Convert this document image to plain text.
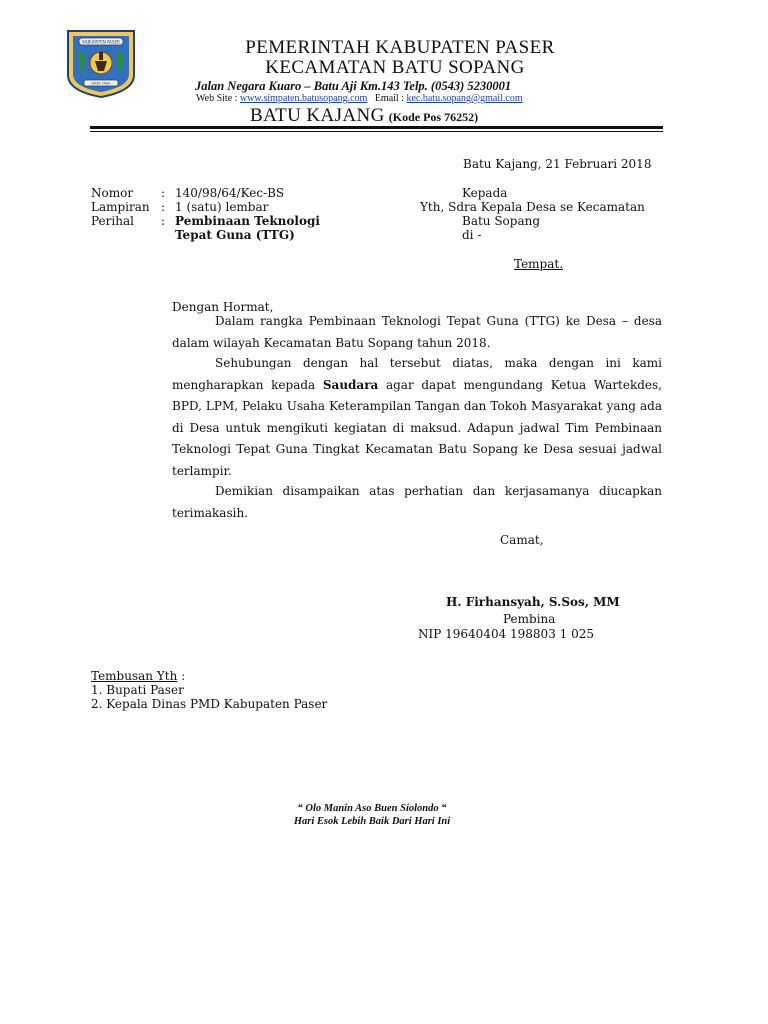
KABUPATEN PASER
DAYA TAKA
PEMERINTAH KABUPATEN PASER
KECAMATAN BATU SOPANG
Jalan Negara Kuaro – Batu Aji Km.143 Telp. (0543) 5230001
Web Site : www.simpaten.batusopang.com Email : kec.batu.sopang@gmail.com
BATU KAJANG (Kode Pos 76252)
Batu Kajang, 21 Februari 2018
Nomor : 140/98/64/Kec-BS
Lampiran : 1 (satu) lembar
Perihal : Pembinaan Teknologi
Tepat Guna (TTG)
Kepada
Yth, Sdra Kepala Desa se Kecamatan
Batu Sopang
di -
Tempat.
Dengan Hormat,
Dalam rangka Pembinaan Teknologi Tepat Guna (TTG) ke Desa – desa dalam wilayah Kecamatan Batu Sopang tahun 2018.
Sehubungan dengan hal tersebut diatas, maka dengan ini kami mengharapkan kepada Saudara agar dapat mengundang Ketua Wartekdes, BPD, LPM, Pelaku Usaha Keterampilan Tangan dan Tokoh Masyarakat yang ada di Desa untuk mengikuti kegiatan di maksud. Adapun jadwal Tim Pembinaan Teknologi Tepat Guna Tingkat Kecamatan Batu Sopang ke Desa sesuai jadwal terlampir.
Demikian disampaikan atas perhatian dan kerjasamanya diucapkan terimakasih.
Camat,
H. Firhansyah, S.Sos, MM
Pembina
NIP 19640404 198803 1 025
Tembusan Yth :
1. Bupati Paser
2. Kepala Dinas PMD Kabupaten Paser
“ Olo Manin Aso Buen Siolondo “
Hari Esok Lebih Baik Dari Hari Ini
